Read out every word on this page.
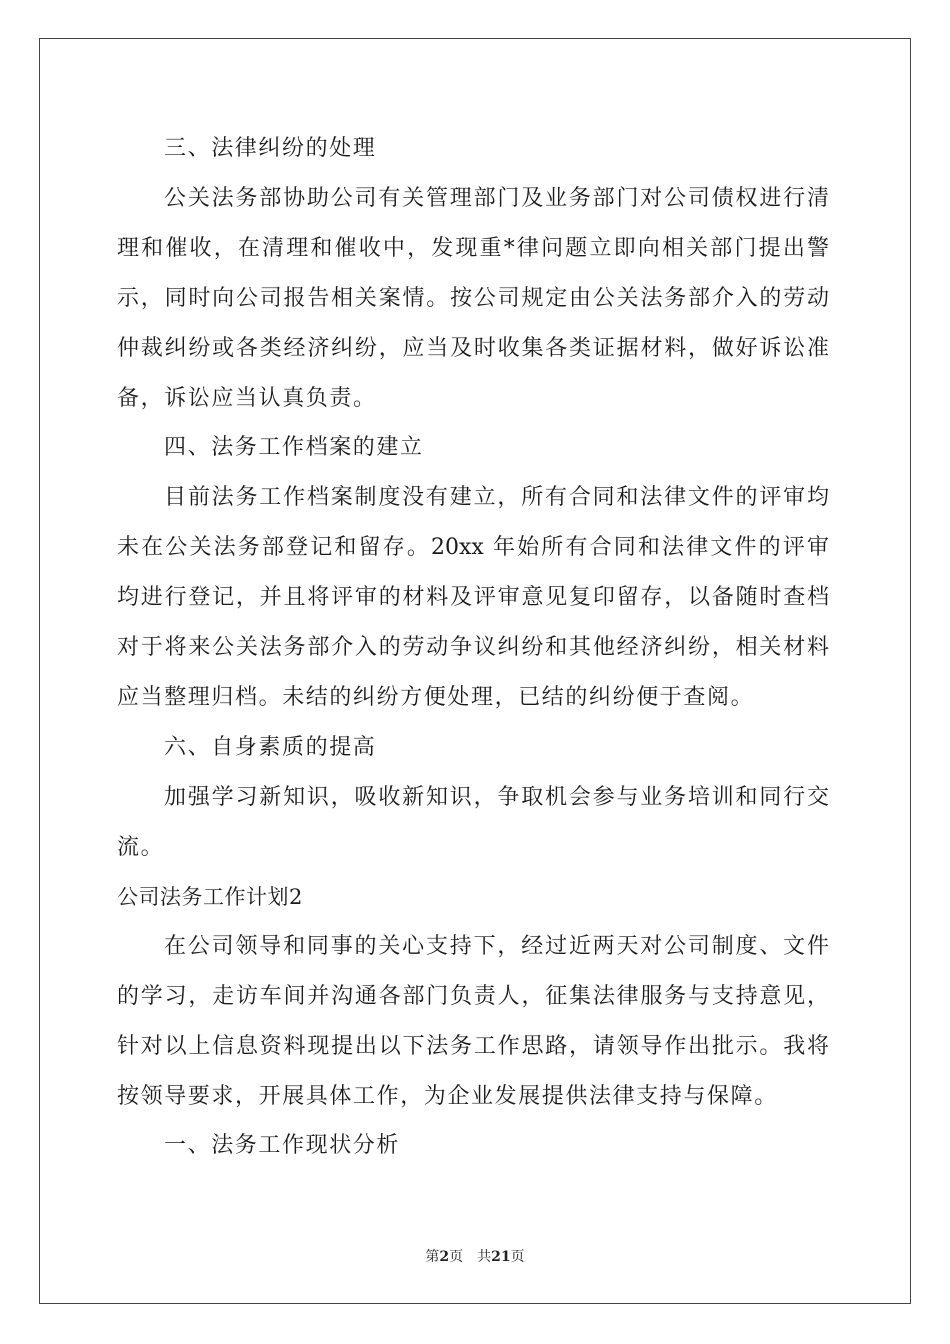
三、法律纠纷的处理
公关法务部协助公司有关管理部门及业务部门对公司债权进行清
理和催收，在清理和催收中，发现重*律问题立即向相关部门提出警
示，同时向公司报告相关案情。按公司规定由公关法务部介入的劳动
仲裁纠纷或各类经济纠纷，应当及时收集各类证据材料，做好诉讼准
备，诉讼应当认真负责。
四、法务工作档案的建立
目前法务工作档案制度没有建立，所有合同和法律文件的评审均
未在公关法务部登记和留存。20xx 年始所有合同和法律文件的评审
均进行登记，并且将评审的材料及评审意见复印留存，以备随时查档
对于将来公关法务部介入的劳动争议纠纷和其他经济纠纷，相关材料
应当整理归档。未结的纠纷方便处理，已结的纠纷便于查阅。
六、自身素质的提高
加强学习新知识，吸收新知识，争取机会参与业务培训和同行交
流。
公司法务工作计划2
在公司领导和同事的关心支持下，经过近两天对公司制度、文件
的学习，走访车间并沟通各部门负责人，征集法律服务与支持意见，
针对以上信息资料现提出以下法务工作思路，请领导作出批示。我将
按领导要求，开展具体工作，为企业发展提供法律支持与保障。
一、法务工作现状分析
第2页　共21页
